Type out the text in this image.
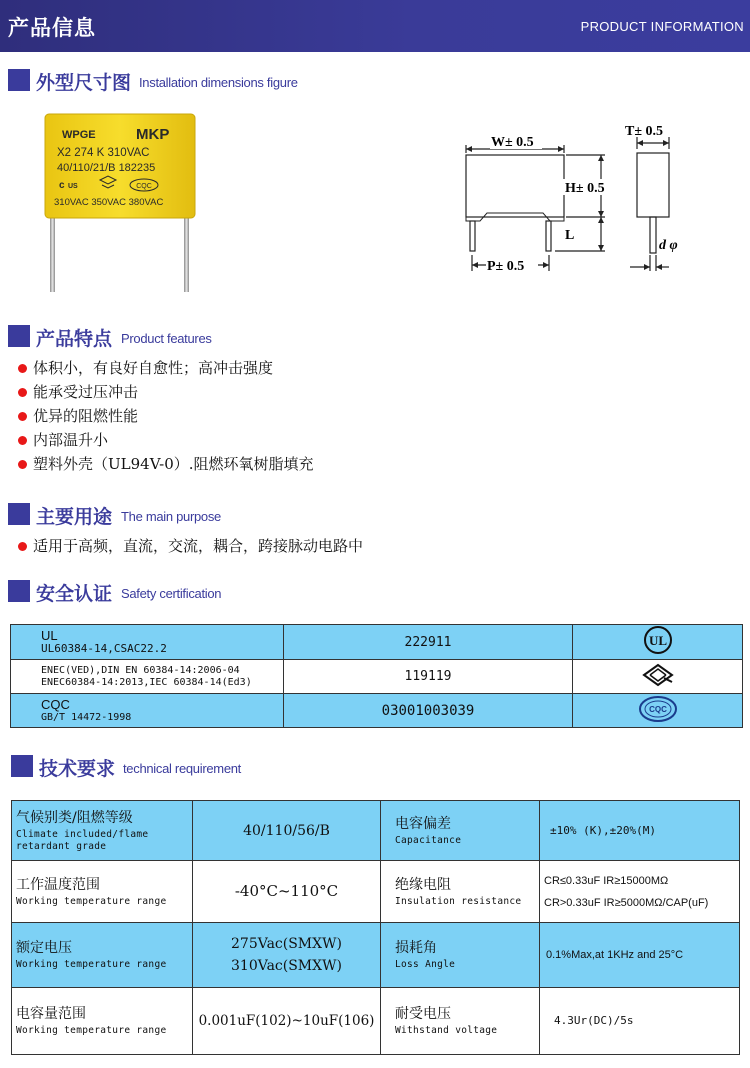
产品信息	PRODUCT INFORMATION
外型尺寸图 Installation dimensions figure
WPGE	MKP
X2 274 K 310VAC
40/110/21/B 182235
c US	CQC
310VAC 350VAC 380VAC
W± 0.5
H± 0.5
L
P± 0.5
T± 0.5
d φ
产品特点 Product features
体积小，有良好自愈性；高冲击强度
能承受过压冲击
优异的阻燃性能
内部温升小
塑料外壳（UL94V-0）.阻燃环氧树脂填充
主要用途 The main purpose
适用于高频，直流，交流，耦合，跨接脉动电路中
安全认证 Safety certification
UL
UL60384-14,CSAC22.2	222911	UL

ENEC(VED),DIN EN 60384-14:2006-04
ENEC60384-14:2013,IEC 60384-14(Ed3)	119119	

CQC
GB/T 14472-1998	03001003039	CQC
技术要求 technical requirement
气候别类/阻燃等级
Climate included/flame retardant grade	40/110/56/B	电容偏差
Capacitance	±10% (K),±20%(M)

工作温度范围
Working temperature range	-40°C~110°C	绝缘电阻
Insulation resistance	CR≤0.33uF IR≥15000MΩ
CR>0.33uF IR≥5000MΩ/CAP(uF)

额定电压
Working temperature range	275Vac(SMXW)
310Vac(SMXW)	损耗角
Loss Angle	0.1%Max,at 1KHz and 25°C

电容量范围
Working temperature range	0.001uF(102)~10uF(106)	耐受电压
Withstand voltage	4.3Ur(DC)/5s
